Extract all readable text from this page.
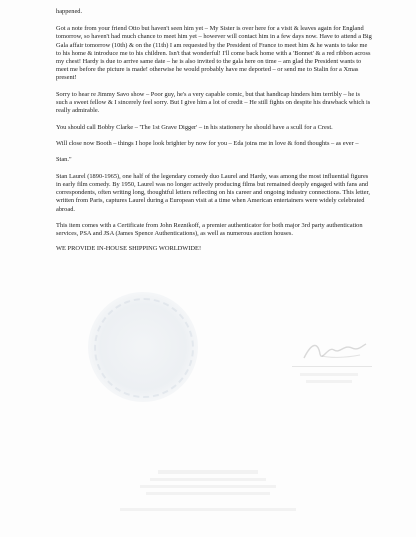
happened.

Got a note from your friend Otto but haven't seen him yet – My Sister is over here for a visit & leaves again for England tomorrow, so haven't had much chance to meet him yet – however will contact him in a few days now. Have to attend a Big Gala affair tomorrow (10th) & on the (11th) I am requested by the President of France to meet him & he wants to take me to his home & introduce me to his children. Isn't that wonderful! I'll come back home with a 'Bonnet' & a red ribbon across my chest! Hardy is due to arrive same date – he is also invited to the gala here on time – am glad the President wants to meet me before the picture is made! otherwise he would probably have me deported – or send me to Stalin for a Xmas present!

Sorry to hear re Jimmy Savo show – Poor guy, he's a very capable comic, but that handicap hinders him terribly – he is such a sweet fellow & I sincerely feel sorry. But I give him a lot of credit – He still fights on despite his drawback which is really admirable.

You should call Bobby Clarke – 'The 1st Grave Digger' – in his stationery he should have a scull for a Crest.

Will close now Booth – things I hope look brighter by now for you – Eda joins me in love & fond thoughts – as ever –

Stan."

Stan Laurel (1890-1965), one half of the legendary comedy duo Laurel and Hardy, was among the most influential figures in early film comedy. By 1950, Laurel was no longer actively producing films but remained deeply engaged with fans and correspondents, often writing long, thoughtful letters reflecting on his career and ongoing industry connections. This letter, written from Paris, captures Laurel during a European visit at a time when American entertainers were widely celebrated abroad.

This item comes with a Certificate from John Reznikoff, a premier authenticator for both major 3rd party authentication services, PSA and JSA (James Spence Authentications), as well as numerous auction houses.

WE PROVIDE IN-HOUSE SHIPPING WORLDWIDE!
